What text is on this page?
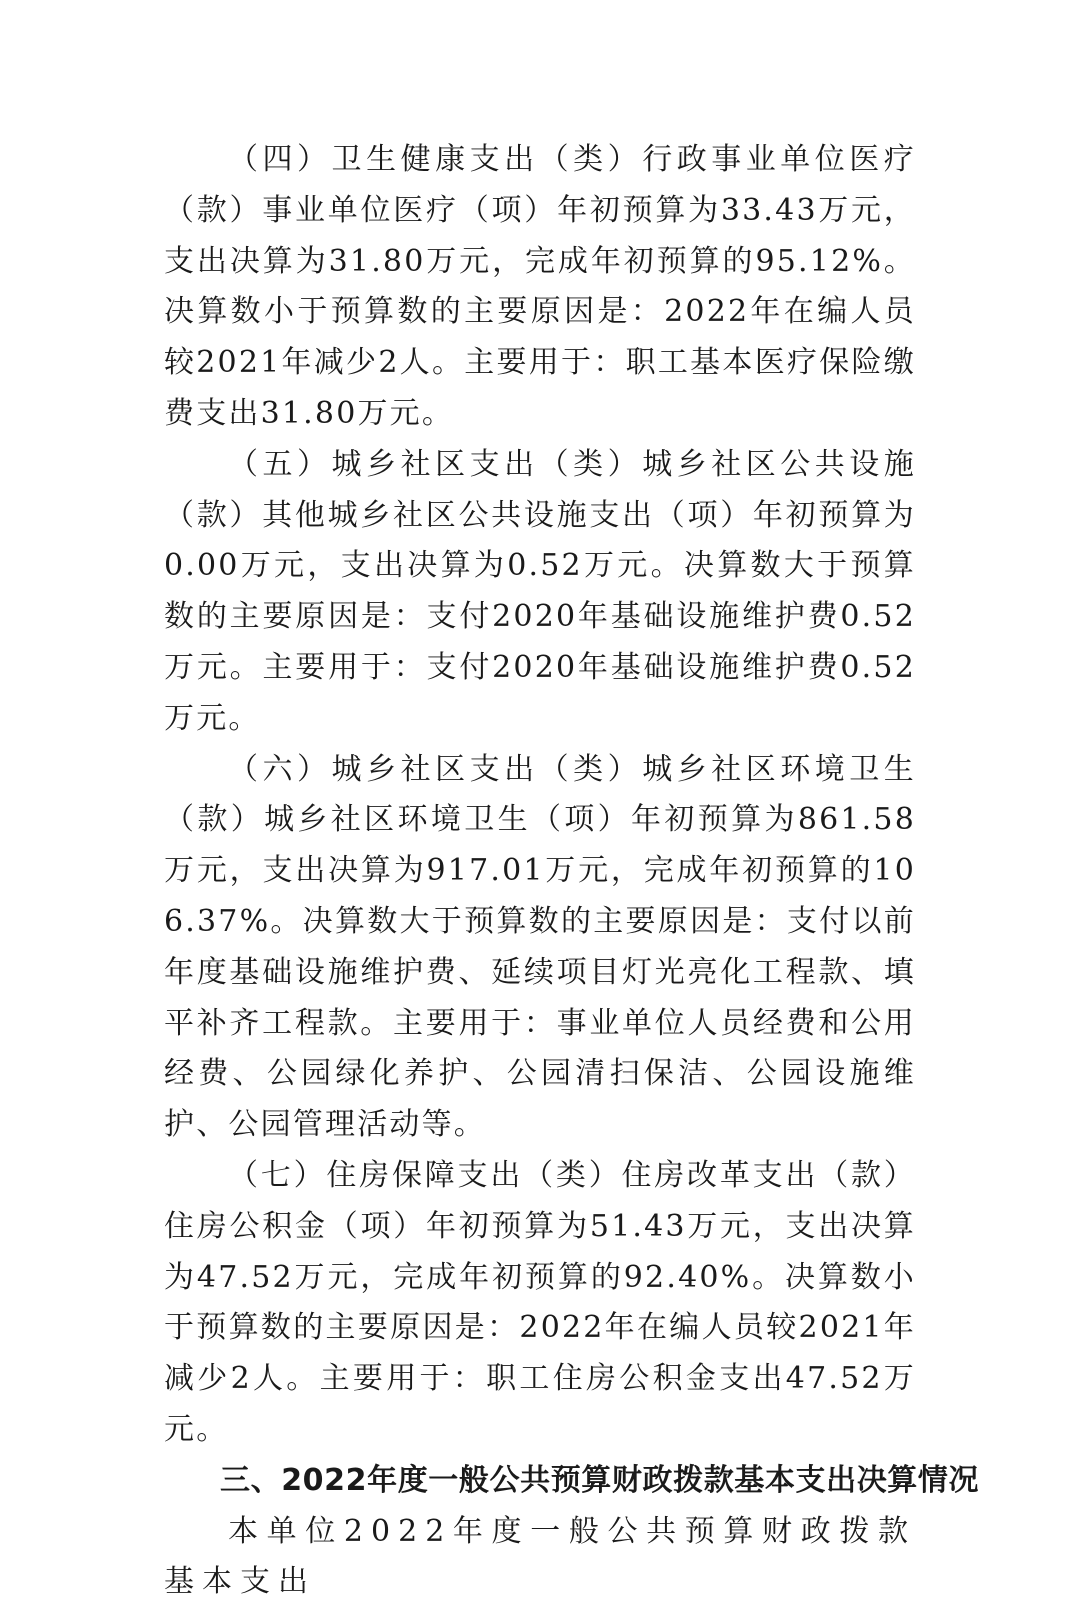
（四）卫生健康支出（类）行政事业单位医疗（款）事业单位医疗（项）年初预算为33.43万元，支出决算为31.80万元，完成年初预算的95.12%。决算数小于预算数的主要原因是：2022年在编人员较2021年减少2人。主要用于：职工基本医疗保险缴费支出31.80万元。

（五）城乡社区支出（类）城乡社区公共设施（款）其他城乡社区公共设施支出（项）年初预算为0.00万元，支出决算为0.52万元。决算数大于预算数的主要原因是：支付2020年基础设施维护费0.52万元。主要用于：支付2020年基础设施维护费0.52万元。

（六）城乡社区支出（类）城乡社区环境卫生（款）城乡社区环境卫生（项）年初预算为861.58万元，支出决算为917.01万元，完成年初预算的106.37%。决算数大于预算数的主要原因是：支付以前年度基础设施维护费、延续项目灯光亮化工程款、填平补齐工程款。主要用于：事业单位人员经费和公用经费、公园绿化养护、公园清扫保洁、公园设施维护、公园管理活动等。

（七）住房保障支出（类）住房改革支出（款）住房公积金（项）年初预算为51.43万元，支出决算为47.52万元，完成年初预算的92.40%。决算数小于预算数的主要原因是：2022年在编人员较2021年减少2人。主要用于：职工住房公积金支出47.52万元。

三、2022年度一般公共预算财政拨款基本支出决算情况

本单位2022年度一般公共预算财政拨款基本支出
